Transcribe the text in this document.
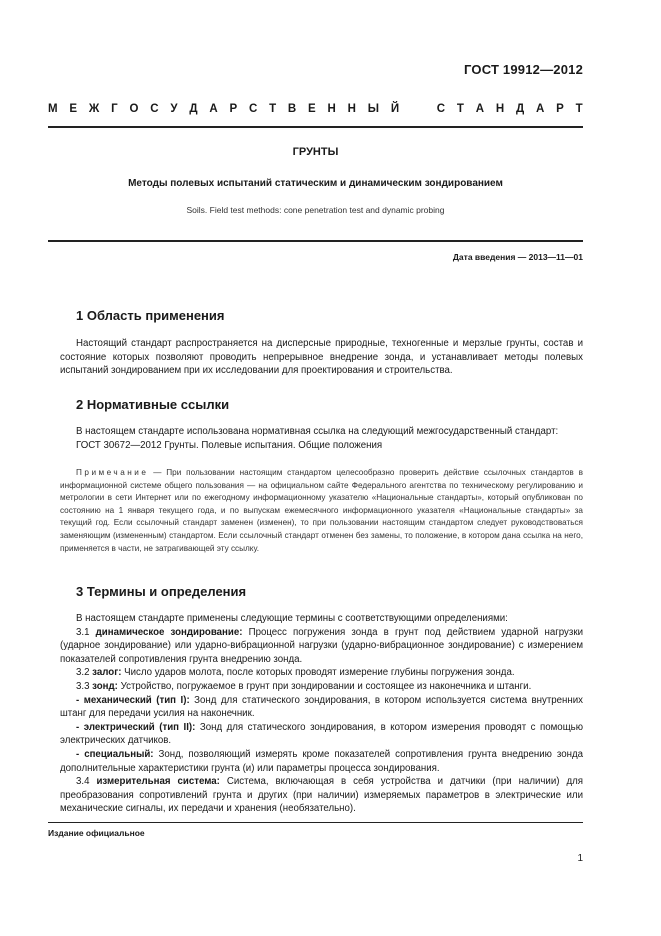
ГОСТ 19912—2012
М Е Ж Г О С У Д А Р С Т В Е Н Н Ы Й	С Т А Н Д А Р Т
ГРУНТЫ
Методы полевых испытаний статическим и динамическим зондированием
Soils. Field test methods: cone penetration test and dynamic probing
Дата введения — 2013—11—01
1 Область применения

Настоящий стандарт распространяется на дисперсные природные, техногенные и мерзлые грунты, состав и состояние которых позволяют проводить непрерывное внедрение зонда, и устанавливает методы полевых испытаний зондированием при их исследовании для проектирования и строительства.

2 Нормативные ссылки

В настоящем стандарте использована нормативная ссылка на следующий межгосударственный стандарт:

ГОСТ 30672—2012 Грунты. Полевые испытания. Общие положения

Примечание — При пользовании настоящим стандартом целесообразно проверить действие ссылочных стандартов в информационной системе общего пользования — на официальном сайте Федерального агентства по техническому регулированию и метрологии в сети Интернет или по ежегодному информационному указателю «Национальные стандарты», который опубликован по состоянию на 1 января текущего года, и по выпускам ежемесячного информационного указателя «Национальные стандарты» за текущий год. Если ссылочный стандарт заменен (изменен), то при пользовании настоящим стандартом следует руководствоваться заменяющим (измененным) стандартом. Если ссылочный стандарт отменен без замены, то положение, в котором дана ссылка на него, применяется в части, не затрагивающей эту ссылку.

3 Термины и определения

В настоящем стандарте применены следующие термины с соответствующими определениями:

3.1 динамическое зондирование: Процесс погружения зонда в грунт под действием ударной нагрузки (ударное зондирование) или ударно-вибрационной нагрузки (ударно-вибрационное зондирование) с измерением показателей сопротивления грунта внедрению зонда.

3.2 залог: Число ударов молота, после которых проводят измерение глубины погружения зонда.

3.3 зонд: Устройство, погружаемое в грунт при зондировании и состоящее из наконечника и штанги.

- механический (тип I): Зонд для статического зондирования, в котором используется система внутренних штанг для передачи усилия на наконечник.

- электрический (тип II): Зонд для статического зондирования, в котором измерения проводят с помощью электрических датчиков.

- специальный: Зонд, позволяющий измерять кроме показателей сопротивления грунта внедрению зонда дополнительные характеристики грунта (и) или параметры процесса зондирования.

3.4 измерительная система: Система, включающая в себя устройства и датчики (при наличии) для преобразования сопротивлений грунта и других (при наличии) измеряемых параметров в электрические или механические сигналы, их передачи и хранения (необязательно).

Издание официальное
1
